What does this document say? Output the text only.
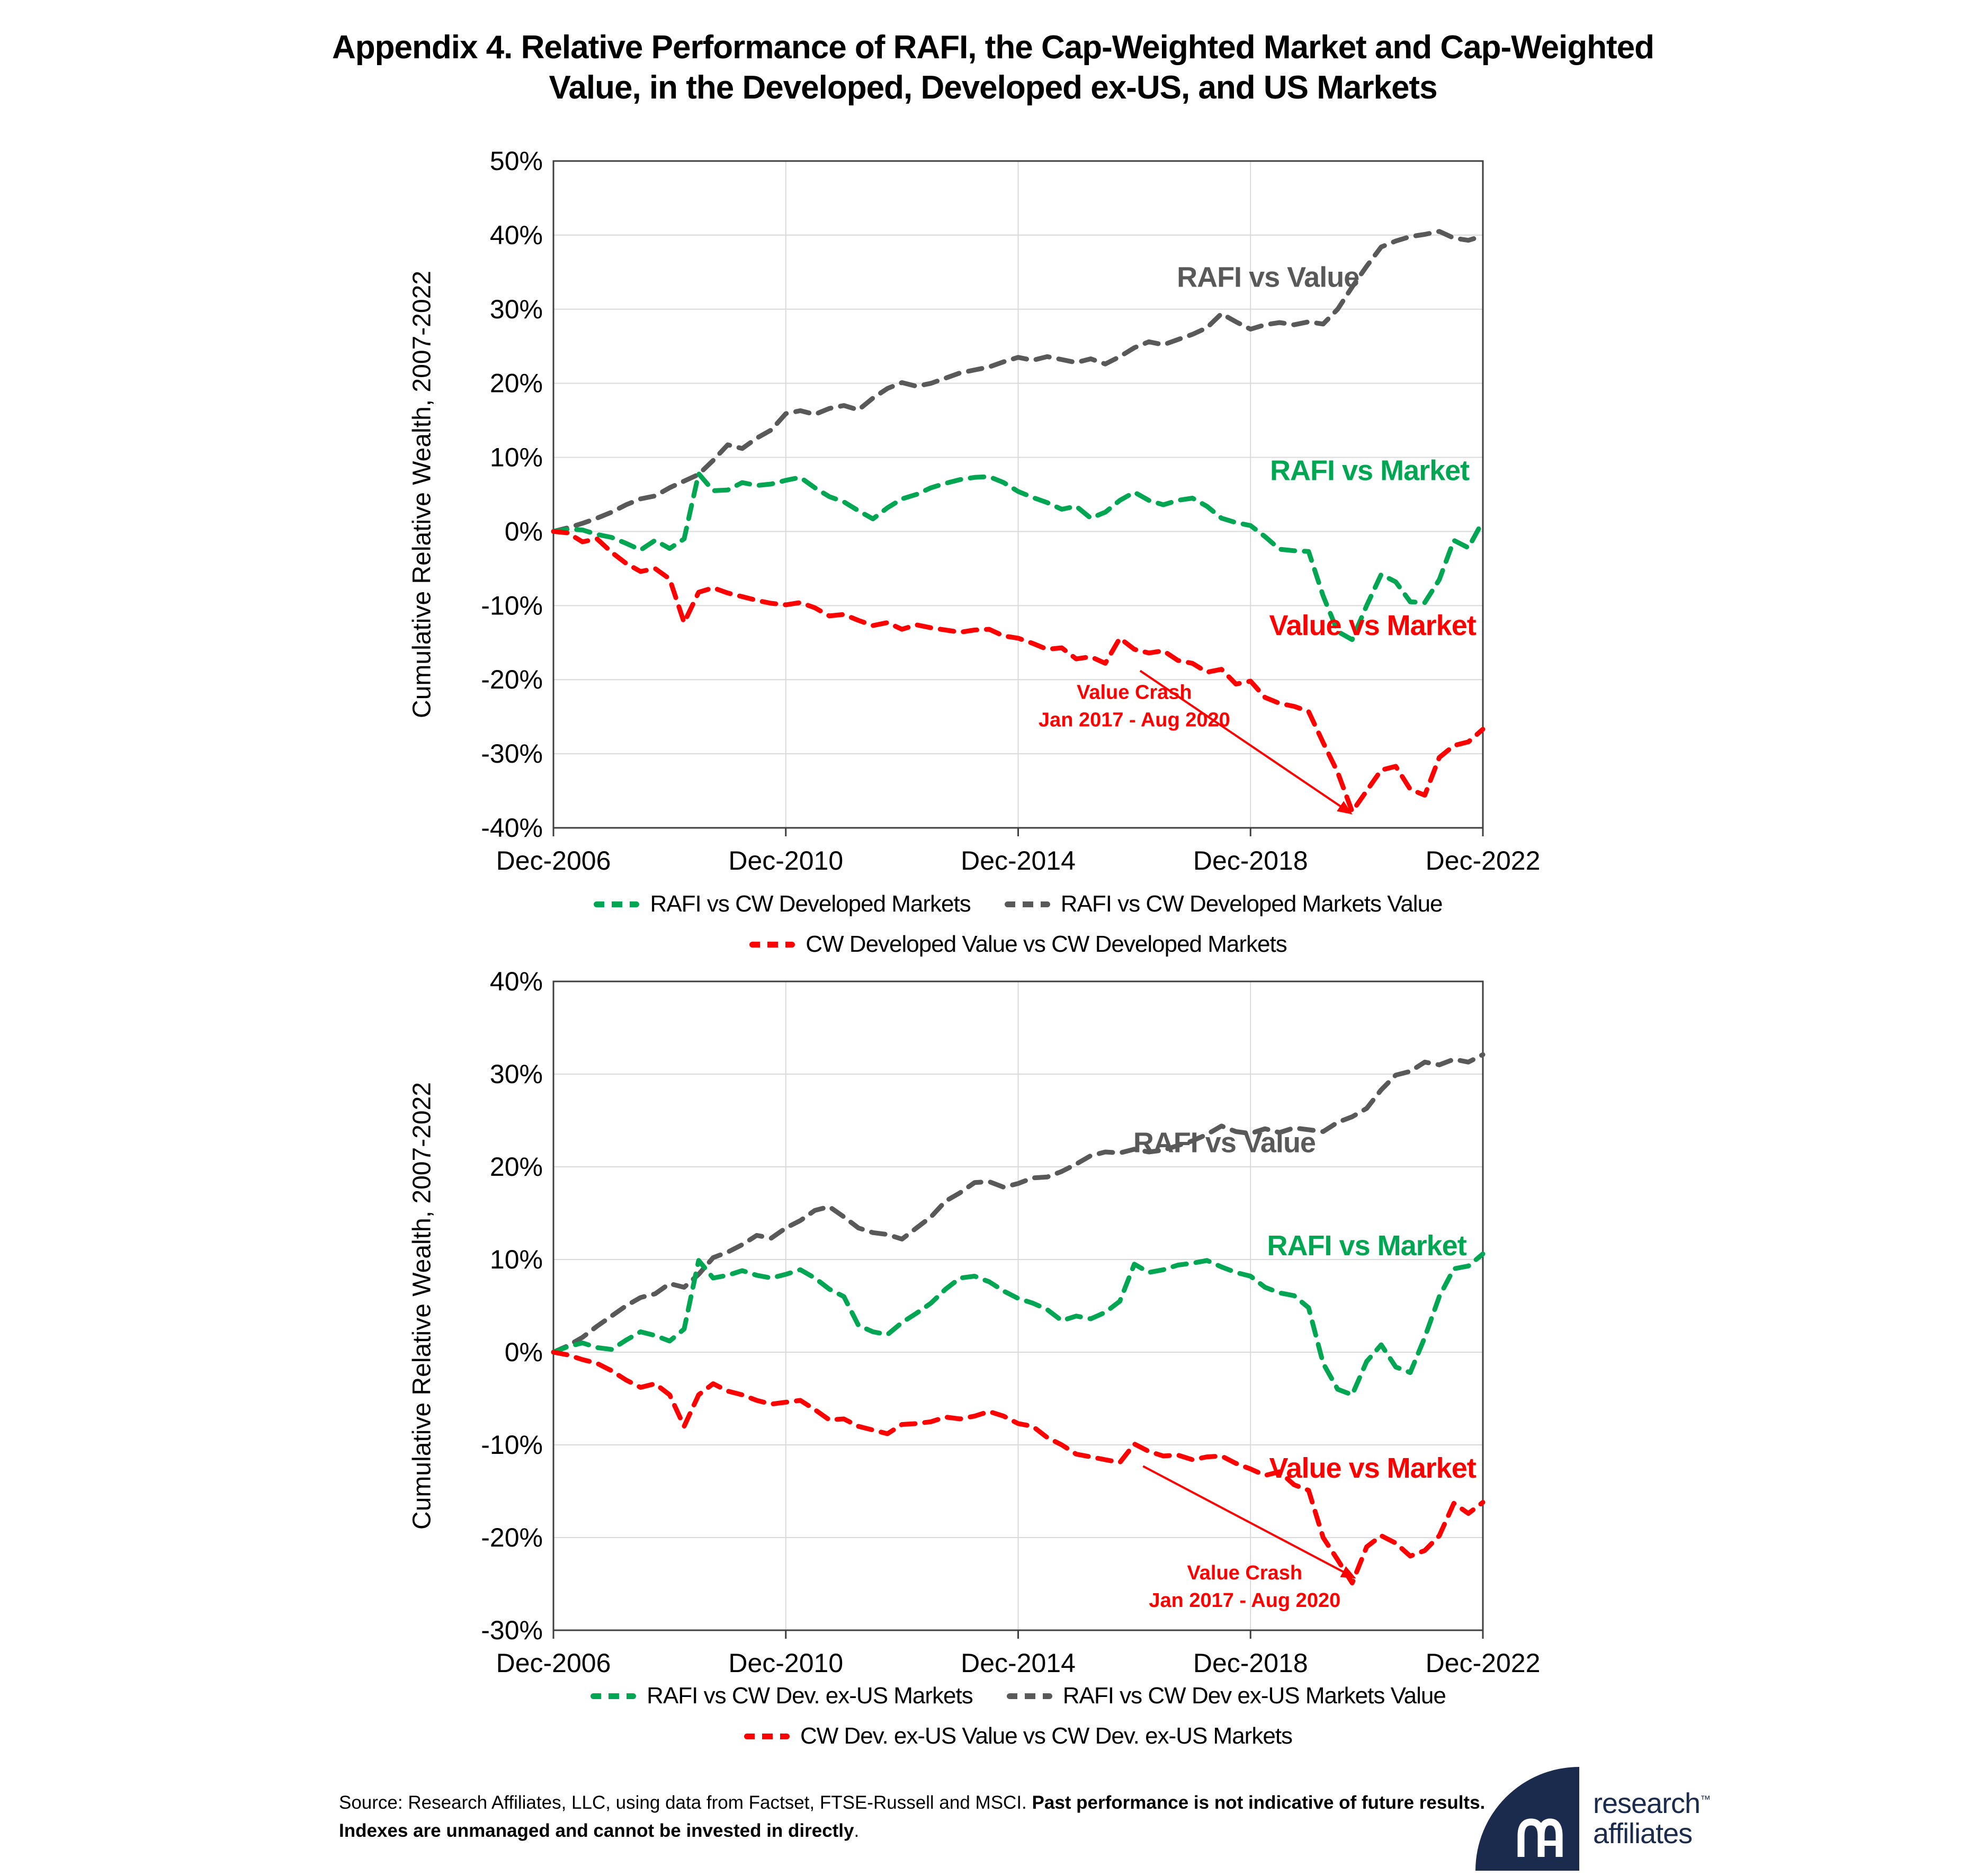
Appendix 4. Relative Performance of RAFI, the Cap-Weighted Market and Cap-Weighted
Value, in the Developed, Developed ex-US, and US Markets
-40%
-30%
-20%
-10%
0%
10%
20%
30%
40%
50%
Dec-2006	Dec-2010	Dec-2014	Dec-2018	Dec-2022
Cumulative Relative Wealth, 2007-2022	RAFI vs Value
RAFI vs Market
Value vs Market
Value Crash
Jan 2017 - Aug 2020
RAFI vs CW Developed Markets	RAFI vs CW Developed Markets Value
CW Developed Value vs CW Developed Markets
-30%
-20%
-10%
0%
10%
20%
30%
40%
Dec-2006	Dec-2010	Dec-2014	Dec-2018	Dec-2022
Cumulative Relative Wealth, 2007-2022	RAFI vs Value
RAFI vs Market
Value vs Market
Value Crash
Jan 2017 - Aug 2020
RAFI vs CW Dev. ex-US Markets	RAFI vs CW Dev ex-US Markets Value
CW Dev. ex-US Value vs CW Dev. ex-US Markets
Source: Research Affiliates, LLC, using data from Factset, FTSE-Russell and MSCI. Past performance is not indicative of future results.
Indexes are unmanaged and cannot be invested in directly.
research™
affiliates
